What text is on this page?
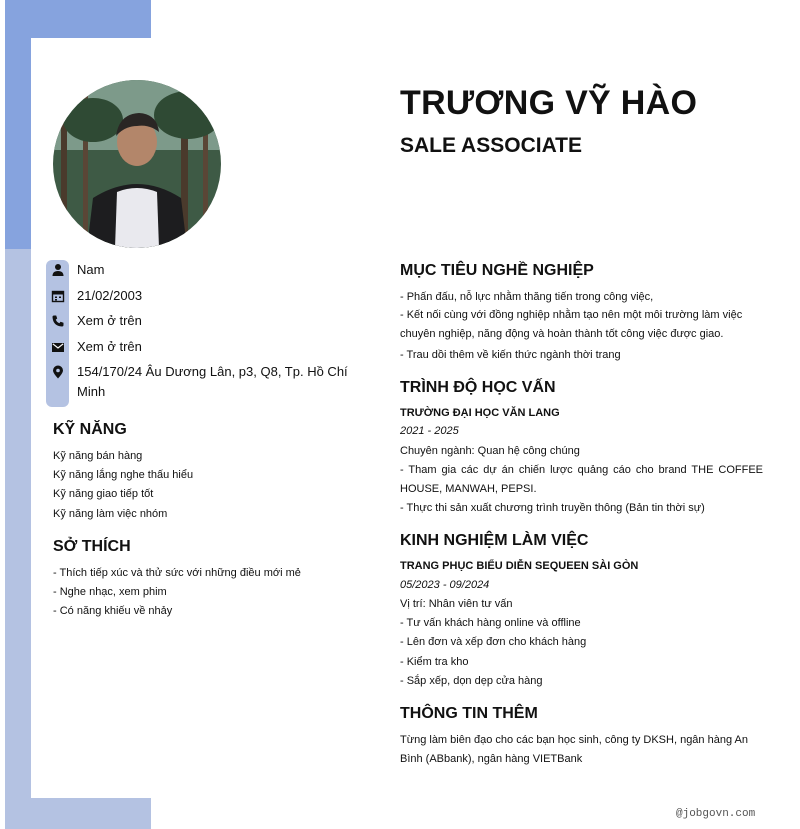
TRƯƠNG VỸ HÀO
SALE ASSOCIATE
Nam
21/02/2003
Xem ở trên
Xem ở trên
154/170/24 Âu Dương Lân, p3, Q8, Tp. Hồ Chí
Minh
KỸ NĂNG
Kỹ năng bán hàng
Kỹ năng lắng nghe thấu hiểu
Kỹ năng giao tiếp tốt
Kỹ năng làm việc nhóm
SỞ THÍCH
- Thích tiếp xúc và thử sức với những điều mới mẻ
- Nghe nhạc, xem phim
- Có năng khiếu về nhảy
MỤC TIÊU NGHỀ NGHIỆP
- Phấn đấu, nỗ lực nhằm thăng tiến trong công việc,
- Kết nối cùng với đồng nghiệp nhằm tạo nên một môi trường làm việc chuyên nghiệp, năng động và hoàn thành tốt công việc được giao.
- Trau dồi thêm về kiến thức ngành thời trang
TRÌNH ĐỘ HỌC VẤN
TRƯỜNG ĐẠI HỌC VĂN LANG
2021 - 2025
Chuyên ngành: Quan hệ công chúng
- Tham gia các dự án chiến lược quảng cáo cho brand THE COFFEE HOUSE, MANWAH, PEPSI.
- Thực thi sản xuất chương trình truyền thông (Bản tin thời sự)
KINH NGHIỆM LÀM VIỆC
TRANG PHỤC BIỂU DIỄN SEQUEEN SÀI GÒN
05/2023 - 09/2024
Vị trí: Nhân viên tư vấn
- Tư vấn khách hàng online và offline
- Lên đơn và xếp đơn cho khách hàng
- Kiểm tra kho
- Sắp xếp, dọn dẹp cửa hàng
THÔNG TIN THÊM
Từng làm biên đạo cho các bạn học sinh, công ty DKSH, ngân hàng An Bình (ABbank), ngân hàng VIETBank
@jobgovn.com
